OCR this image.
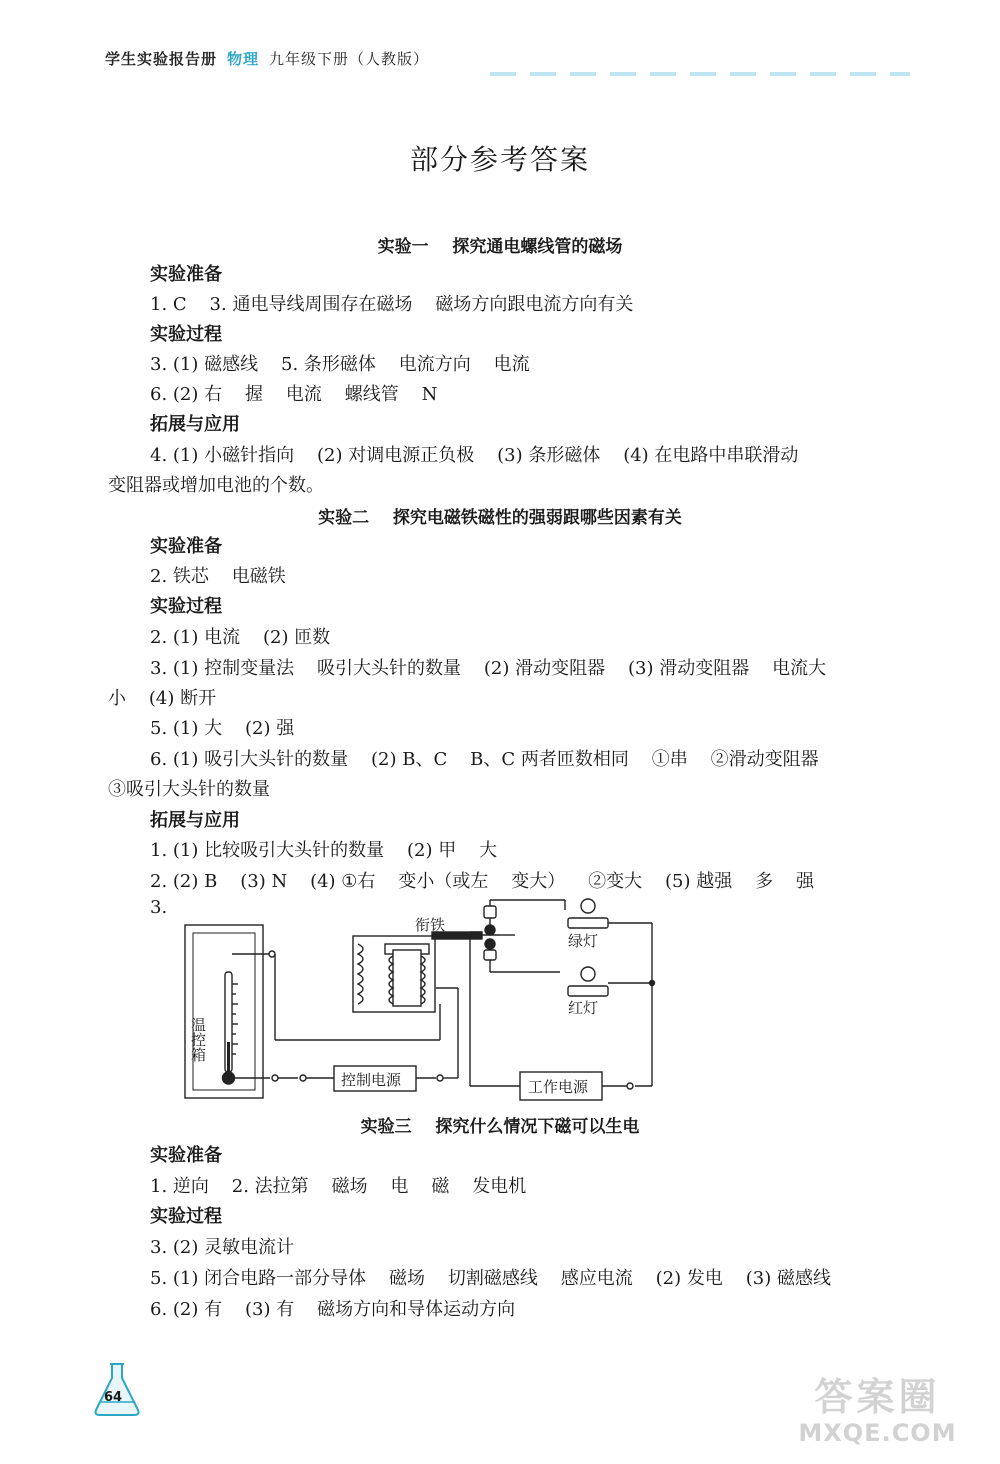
学生实验报告册 物理 九年级下册（人教版）
部分参考答案
实验一    探究通电螺线管的磁场
实验准备
1. C    3. 通电导线周围存在磁场    磁场方向跟电流方向有关
实验过程
3. (1) 磁感线    5. 条形磁体    电流方向    电流
6. (2) 右    握    电流    螺线管    N
拓展与应用
4. (1) 小磁针指向    (2) 对调电源正负极    (3) 条形磁体    (4) 在电路中串联滑动
变阻器或增加电池的个数。
实验二    探究电磁铁磁性的强弱跟哪些因素有关
实验准备
2. 铁芯    电磁铁
实验过程
2. (1) 电流    (2) 匝数
3. (1) 控制变量法    吸引大头针的数量    (2) 滑动变阻器    (3) 滑动变阻器    电流大
小    (4) 断开
5. (1) 大    (2) 强
6. (1) 吸引大头针的数量    (2) B、C    B、C 两者匝数相同    ①串    ②滑动变阻器
③吸引大头针的数量
拓展与应用
1. (1) 比较吸引大头针的数量    (2) 甲    大
2. (2) B    (3) N    (4) ①右    变小（或左    变大）    ②变大    (5) 越强    多    强
3.
衔铁
绿灯
红灯
控制电源	工作电源
温控箱
实验三    探究什么情况下磁可以生电
实验准备
1. 逆向    2. 法拉第    磁场    电    磁    发电机
实验过程
3. (2) 灵敏电流计
5. (1) 闭合电路一部分导体    磁场    切割磁感线    感应电流    (2) 发电    (3) 磁感线
6. (2) 有    (3) 有    磁场方向和导体运动方向
64	答案圈
MXQE.COM
